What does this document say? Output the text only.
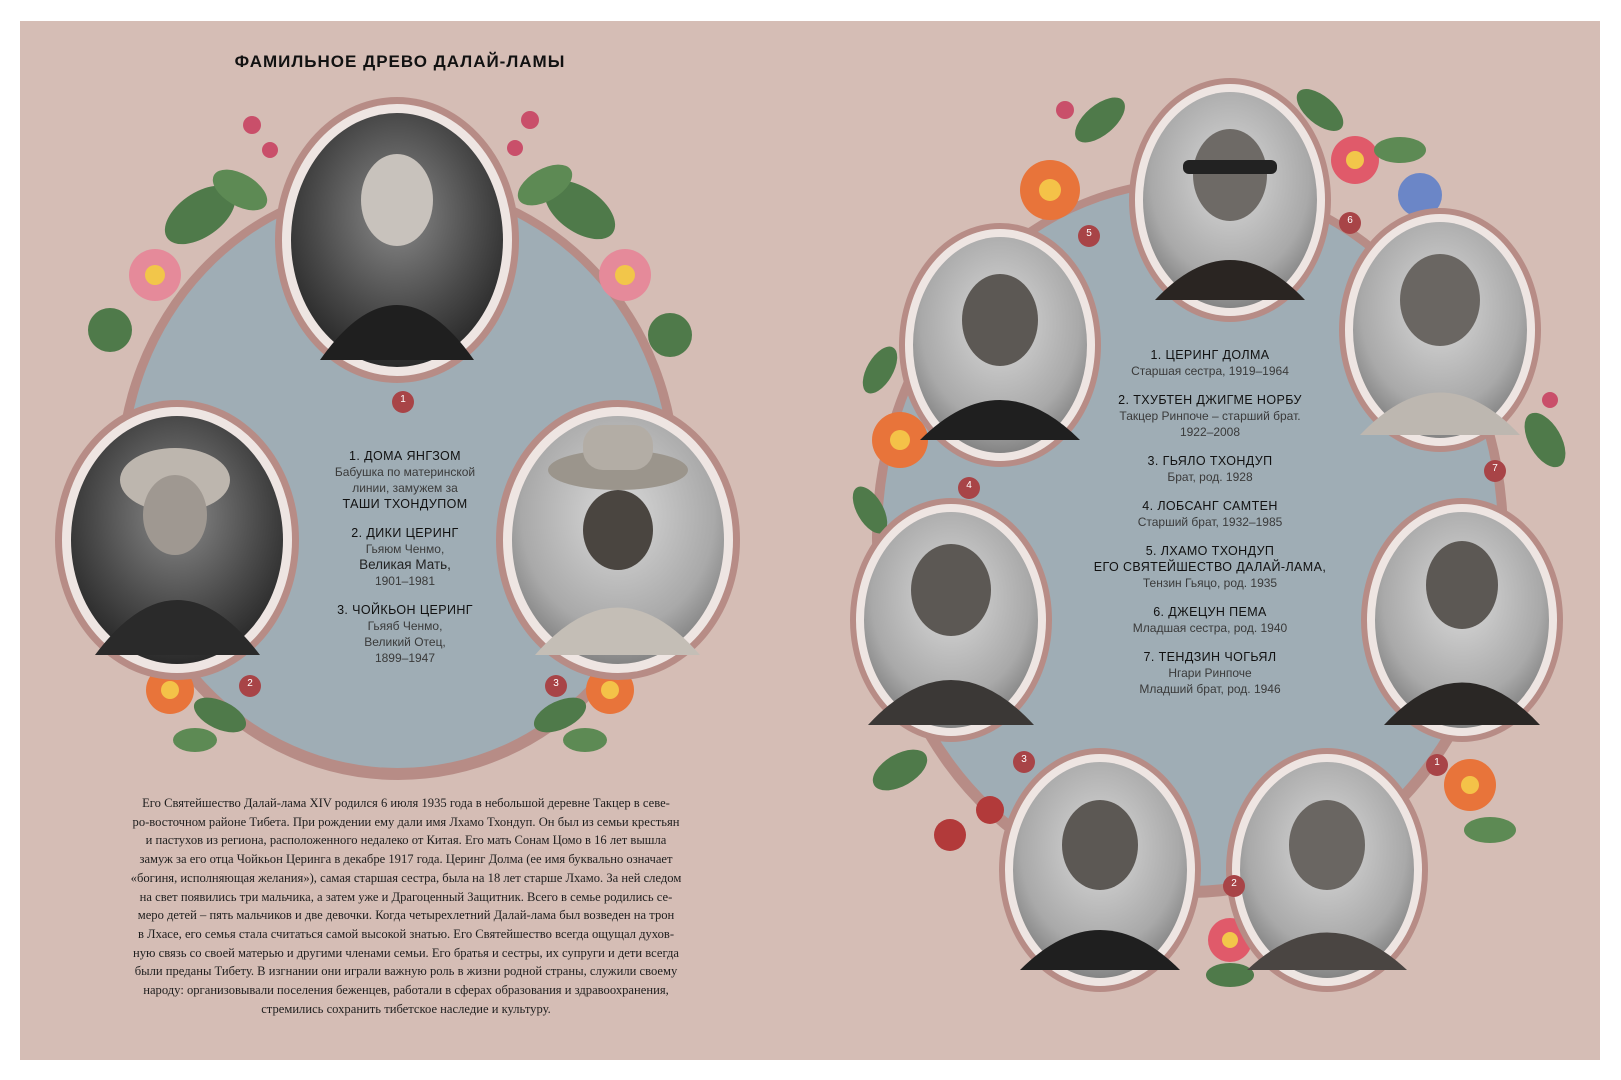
1
2	3
5
6
4
7
3	1
2
ФАМИЛЬНОЕ ДРЕВО ДАЛАЙ-ЛАМЫ
1. ДОМА ЯНГЗОМ
Бабушка по материнской
линии, замужем за
ТАШИ ТХОНДУПОМ
2. ДИКИ ЦЕРИНГ
Гьяюм Ченмо,
Великая Мать,
1901–1981
3. ЧОЙКЬОН ЦЕРИНГ
Гьяяб Ченмо,
Великий Отец,
1899–1947
1. ЦЕРИНГ ДОЛМА
Старшая сестра, 1919–1964
2. ТХУБТЕН ДЖИГМЕ НОРБУ
Такцер Ринпоче – старший брат.
1922–2008
3. ГЬЯЛО ТХОНДУП
Брат, род. 1928
4. ЛОБСАНГ САМТЕН
Старший брат, 1932–1985
5. ЛХАМО ТХОНДУП
ЕГО СВЯТЕЙШЕСТВО ДАЛАЙ-ЛАМА,
Тензин Гьяцо, род. 1935
6. ДЖЕЦУН ПЕМА
Младшая сестра, род. 1940
7. ТЕНДЗИН ЧОГЬЯЛ
Нгари Ринпоче
Младший брат, род. 1946
Его Святейшество Далай-лама XIV родился 6 июля 1935 года в небольшой деревне Такцер в севе-
ро-восточном районе Тибета. При рождении ему дали имя Лхамо Тхондуп. Он был из семьи крестьян
и пастухов из региона, расположенного недалеко от Китая. Его мать Сонам Цомо в 16 лет вышла
замуж за его отца Чойкьон Церинга в декабре 1917 года. Церинг Долма (ее имя буквально означает
«богиня, исполняющая желания»), самая старшая сестра, была на 18 лет старше Лхамо. За ней следом
на свет появились три мальчика, а затем уже и Драгоценный Защитник. Всего в семье родились се-
меро детей – пять мальчиков и две девочки. Когда четырехлетний Далай-лама был возведен на трон
в Лхасе, его семья стала считаться самой высокой знатью. Его Святейшество всегда ощущал духов-
ную связь со своей матерью и другими членами семьи. Его братья и сестры, их супруги и дети всегда
были преданы Тибету. В изгнании они играли важную роль в жизни родной страны, служили своему
народу: организовывали поселения беженцев, работали в сферах образования и здравоохранения,
стремились сохранить тибетское наследие и культуру.
